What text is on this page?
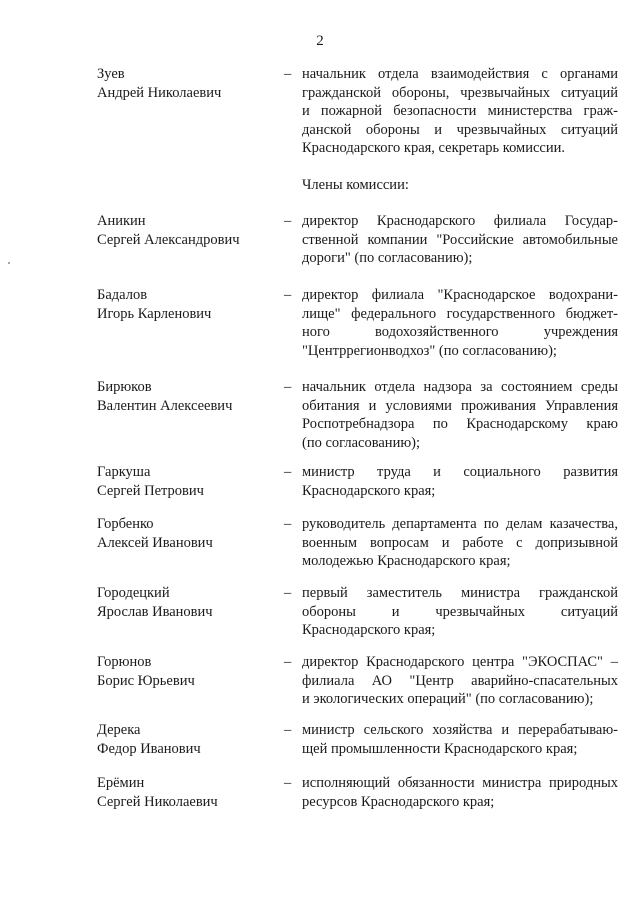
2
Зуев
Андрей Николаевич
– начальник отдела взаимодействия с органами
гражданской обороны, чрезвычайных ситуаций
и пожарной безопасности министерства граж-
данской обороны и чрезвычайных ситуаций
Краснодарского края, секретарь комиссии.
Члены комиссии:
Аникин
Сергей Александрович
– директор Краснодарского филиала Государ-
ственной компании "Российские автомобильные
дороги" (по согласованию);
Бадалов
Игорь Карленович
– директор филиала "Краснодарское водохрани-
лище" федерального государственного бюджет-
ного водохозяйственного учреждения
"Центррегионводхоз" (по согласованию);
Бирюков
Валентин Алексеевич
– начальник отдела надзора за состоянием среды
обитания и условиями проживания Управления
Роспотребнадзора по Краснодарскому краю
(по согласованию);
Гаркуша
Сергей Петрович
– министр труда и социального развития
Краснодарского края;
Горбенко
Алексей Иванович
– руководитель департамента по делам казачества,
военным вопросам и работе с допризывной
молодежью Краснодарского края;
Городецкий
Ярослав Иванович
– первый заместитель министра гражданской
обороны и чрезвычайных ситуаций
Краснодарского края;
Горюнов
Борис Юрьевич
– директор Краснодарского центра "ЭКОСПАС" –
филиала АО "Центр аварийно-спасательных
и экологических операций" (по согласованию);
Дерека
Федор Иванович
– министр сельского хозяйства и перерабатываю-
щей промышленности Краснодарского края;
Ерёмин
Сергей Николаевич
– исполняющий обязанности министра природных
ресурсов Краснодарского края;
